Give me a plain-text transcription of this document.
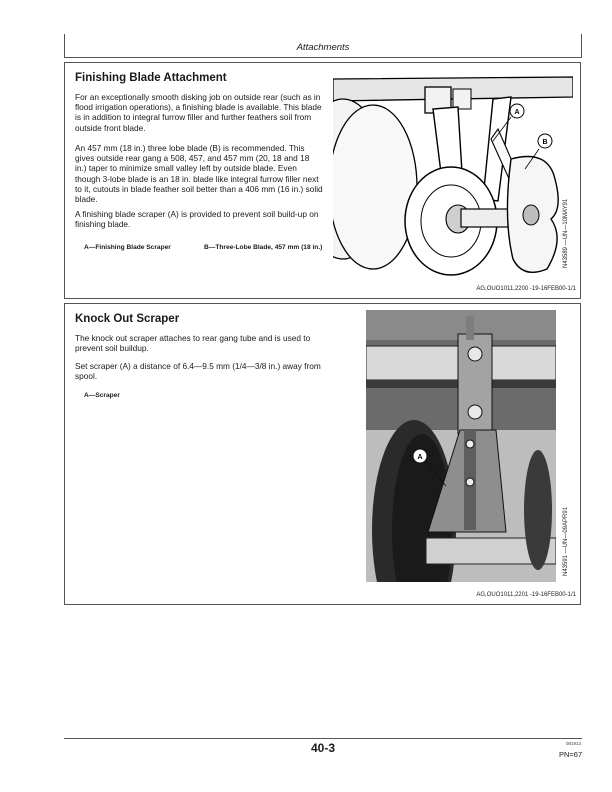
Attachments
Finishing Blade Attachment

For an exceptionally smooth disking job on outside rear (such as in flood irrigation operations), a finishing blade is available. This blade is in addition to integral furrow filler and further feathers soil from outside front blade.

An 457 mm (18 in.) three lobe blade (B) is recommended. This gives outside rear gang a 508, 457, and 457 mm (20, 18 and 18 in.) taper to minimize small valley left by outside blade. Even though 3-lobe blade is an 18 in. blade like integral furrow filler next to it, cutouts in blade feather soil better than a 406 mm (16 in.) solid blade.

A finishing blade scraper (A) is provided to prevent soil build-up on finishing blade.

A—Finishing Blade Scraper	B—Three-Lobe Blade, 457 mm (18 in.)
A
B
N43589 —UN—10MAY91
AG,OUO1011,2200 -19-16FEB00-1/1
Knock Out Scraper

The knock out scraper attaches to rear gang tube and is used to prevent soil buildup.

Set scraper (A) a distance of 6.4—9.5 mm (1/4—3/8 in.) away from spool.

A—Scraper
A
N43591 —UN—09APR91
AG,OUO1011,2201 -19-16FEB00-1/1
40-3	081913
PN=67
